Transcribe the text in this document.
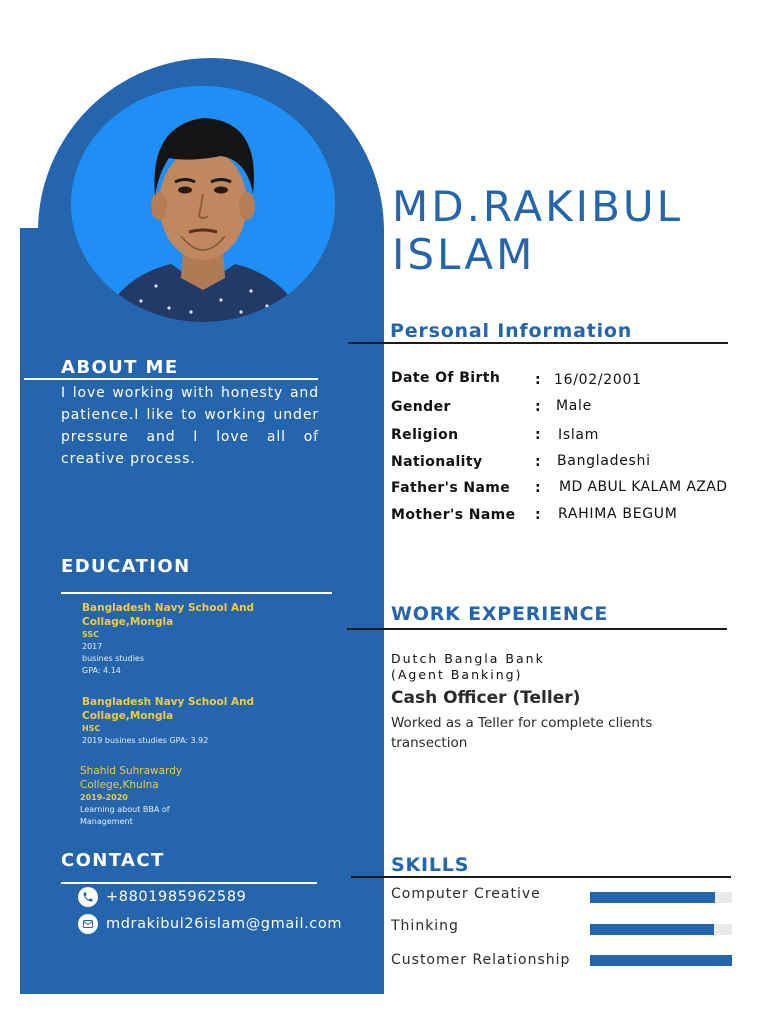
ABOUT ME
I love working with honesty and patience.I like to working under pressure and I love all of creative process.
EDUCATION
Bangladesh Navy School And Collage,Mongla
SSC
2017
busines studies
GPA: 4.14
Bangladesh Navy School And Collage,Mongla
HSC
2019 busines studies GPA: 3.92
Shahid Suhrawardy College,Khulna
2019-2020
Learning about BBA of
Management
CONTACT
+8801985962589
mdrakibul26islam@gmail.com
MD.RAKIBUL
ISLAM
Personal Information
Date Of Birth : 16/02/2001
Gender	: Male
Religion	: Islam
Nationality	: Bangladeshi
Father's Name : MD ABUL KALAM AZAD
Mother's Name : RAHIMA BEGUM
WORK EXPERIENCE
Dutch Bangla Bank
(Agent Banking)
Cash Officer (Teller)
Worked as a Teller for complete clients transection
SKILLS
Computer Creative
Thinking
Customer Relationship
